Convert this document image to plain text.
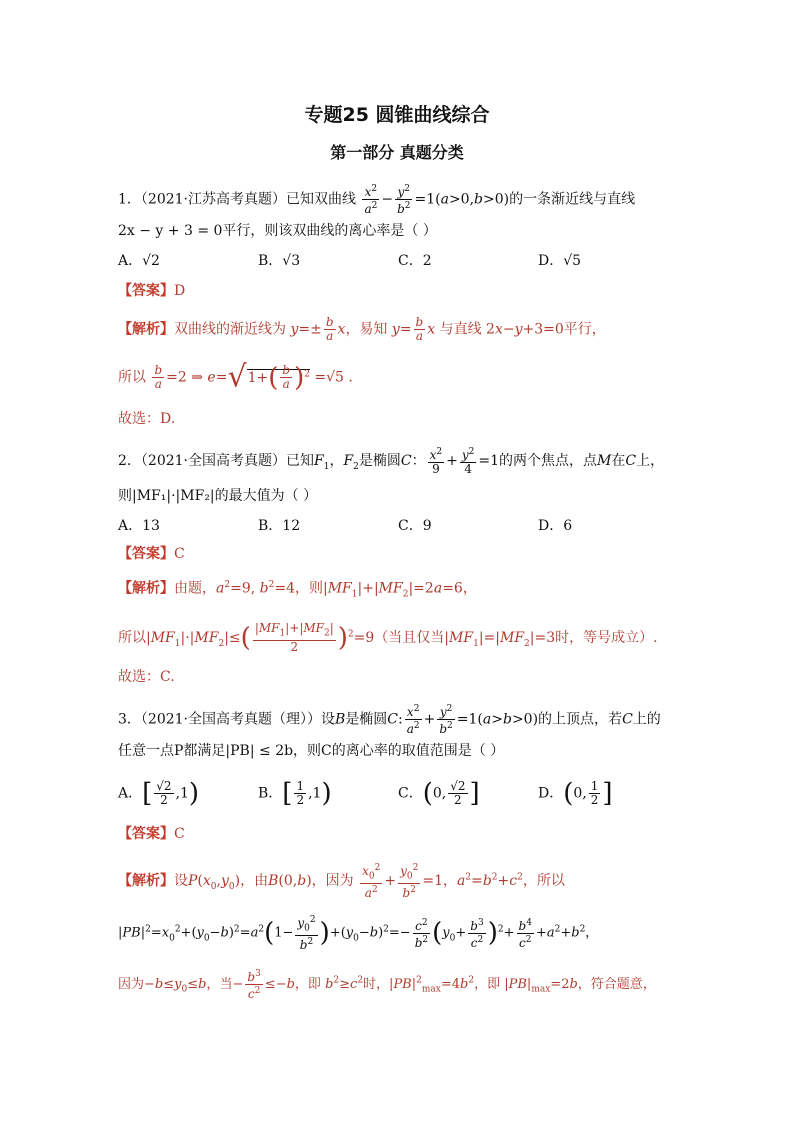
专题25 圆锥曲线综合
第一部分 真题分类
1．（2021·江苏高考真题）已知双曲线 $\frac{x^2}{a^2} - \frac{y^2}{b^2} =1(a>0,b>0)$的一条渐近线与直线
2x − y + 3 = 0平行，则该双曲线的离心率是（ ）
A．√2	B．√3	C．2	D．√5
【答案】D
【解析】双曲线的渐近线为 $y=\pm \frac{b}{a}$ x，易知 $y= \frac{b}{a}$ x 与直线 2x−y+3=0平行，
所以 $\frac{b}{a} =2$ ⇒ $e=√1+( \frac{b}{a} )^2 =√5$ .
故选：D.
2．（2021·全国高考真题）已知$F_1$，$F_2$是椭圆C： $\frac{x^2}{9} + \frac{y^2}{4} =1$的两个焦点，点M在C上，
则|MF₁|·|MF₂|的最大值为（ ）
A．13	B．12	C．9	D．6
【答案】C
【解析】由题，$a^2=9$, $b^2=4$，则$|MF_1|+|MF_2|=2a=6$，
所以$|MF_1|\cdot|MF_2|\le( \frac{|MF_1|+|MF_2|}{2} )^2=9$（当且仅当$|MF_1|=|MF_2|=3$时，等号成立）.
故选：C.
3．（2021·全国高考真题（理））设B是椭圆C: $\frac{x^2}{a^2} + \frac{y^2}{b^2} =1(a>b>0)$的上顶点，若C上的
任意一点P都满足|PB| ≤ 2b，则C的离心率的取值范围是（ ）
A．[ $\frac{√2}{2} ,1$)	B．[ $\frac{1}{2} ,1$)	C．(0, $\frac{√2}{2}$ ]	D．(0, $\frac{1}{2}$ ]
【答案】C
【解析】设$P(x_0,y_0)$，由B(0,b)，因为 $\frac{x_0^2}{a^2} + \frac{y_0^2}{b^2} =1$，$a^2=b^2+c^2$，所以
$|PB|^2=x_0^2+(y_0-b)^2=a^2(1- \frac{y_0^2}{b^2} )+(y_0-b)^2=- \frac{c^2}{b^2} (y_0+ \frac{b^3}{c^2} )^2+ \frac{b^4}{c^2} +a^2+b^2$，
因为$-b\le y_0\le b$，当− $\frac{b^3}{c^2} \le-b$，即 $b^2\ge c^2$时，$|PB|^2_{max}=4b^2$，即 $|PB|_{max}=2b$，符合题意，
